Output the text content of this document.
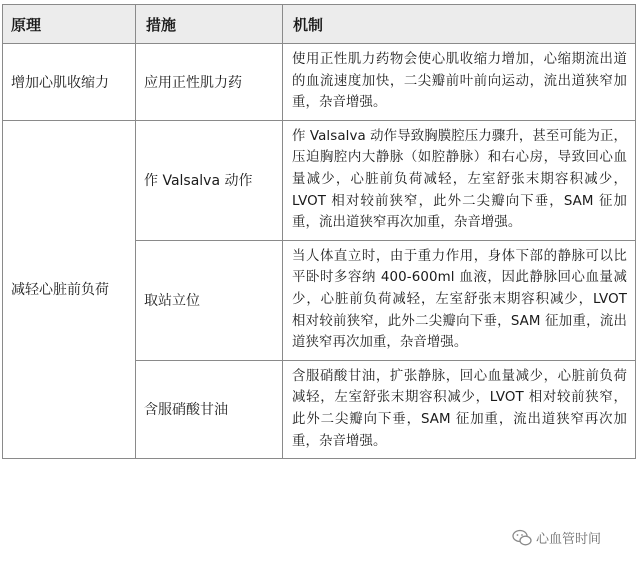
原理	措施	机制
增加心肌收缩力	应用正性肌力药	使用正性肌力药物会使心肌收缩力增加，心缩期流出道的血流速度加快，二尖瓣前叶前向运动，流出道狭窄加重，杂音增强。
减轻心脏前负荷	作 Valsalva 动作	作 Valsalva 动作导致胸膜腔压力骤升，甚至可能为正，压迫胸腔内大静脉（如腔静脉）和右心房，导致回心血量减少，心脏前负荷减轻，左室舒张末期容积减少，LVOT 相对较前狭窄，此外二尖瓣向下垂，SAM 征加重，流出道狭窄再次加重，杂音增强。
	取站立位	当人体直立时，由于重力作用，身体下部的静脉可以比平卧时多容纳 400-600ml 血液，因此静脉回心血量减少，心脏前负荷减轻，左室舒张末期容积减少，LVOT 相对较前狭窄，此外二尖瓣向下垂，SAM 征加重，流出道狭窄再次加重，杂音增强。
	含服硝酸甘油	含服硝酸甘油，扩张静脉，回心血量减少，心脏前负荷减轻，左室舒张末期容积减少，LVOT 相对较前狭窄，此外二尖瓣向下垂，SAM 征加重，流出道狭窄再次加重，杂音增强。
心血管时间
